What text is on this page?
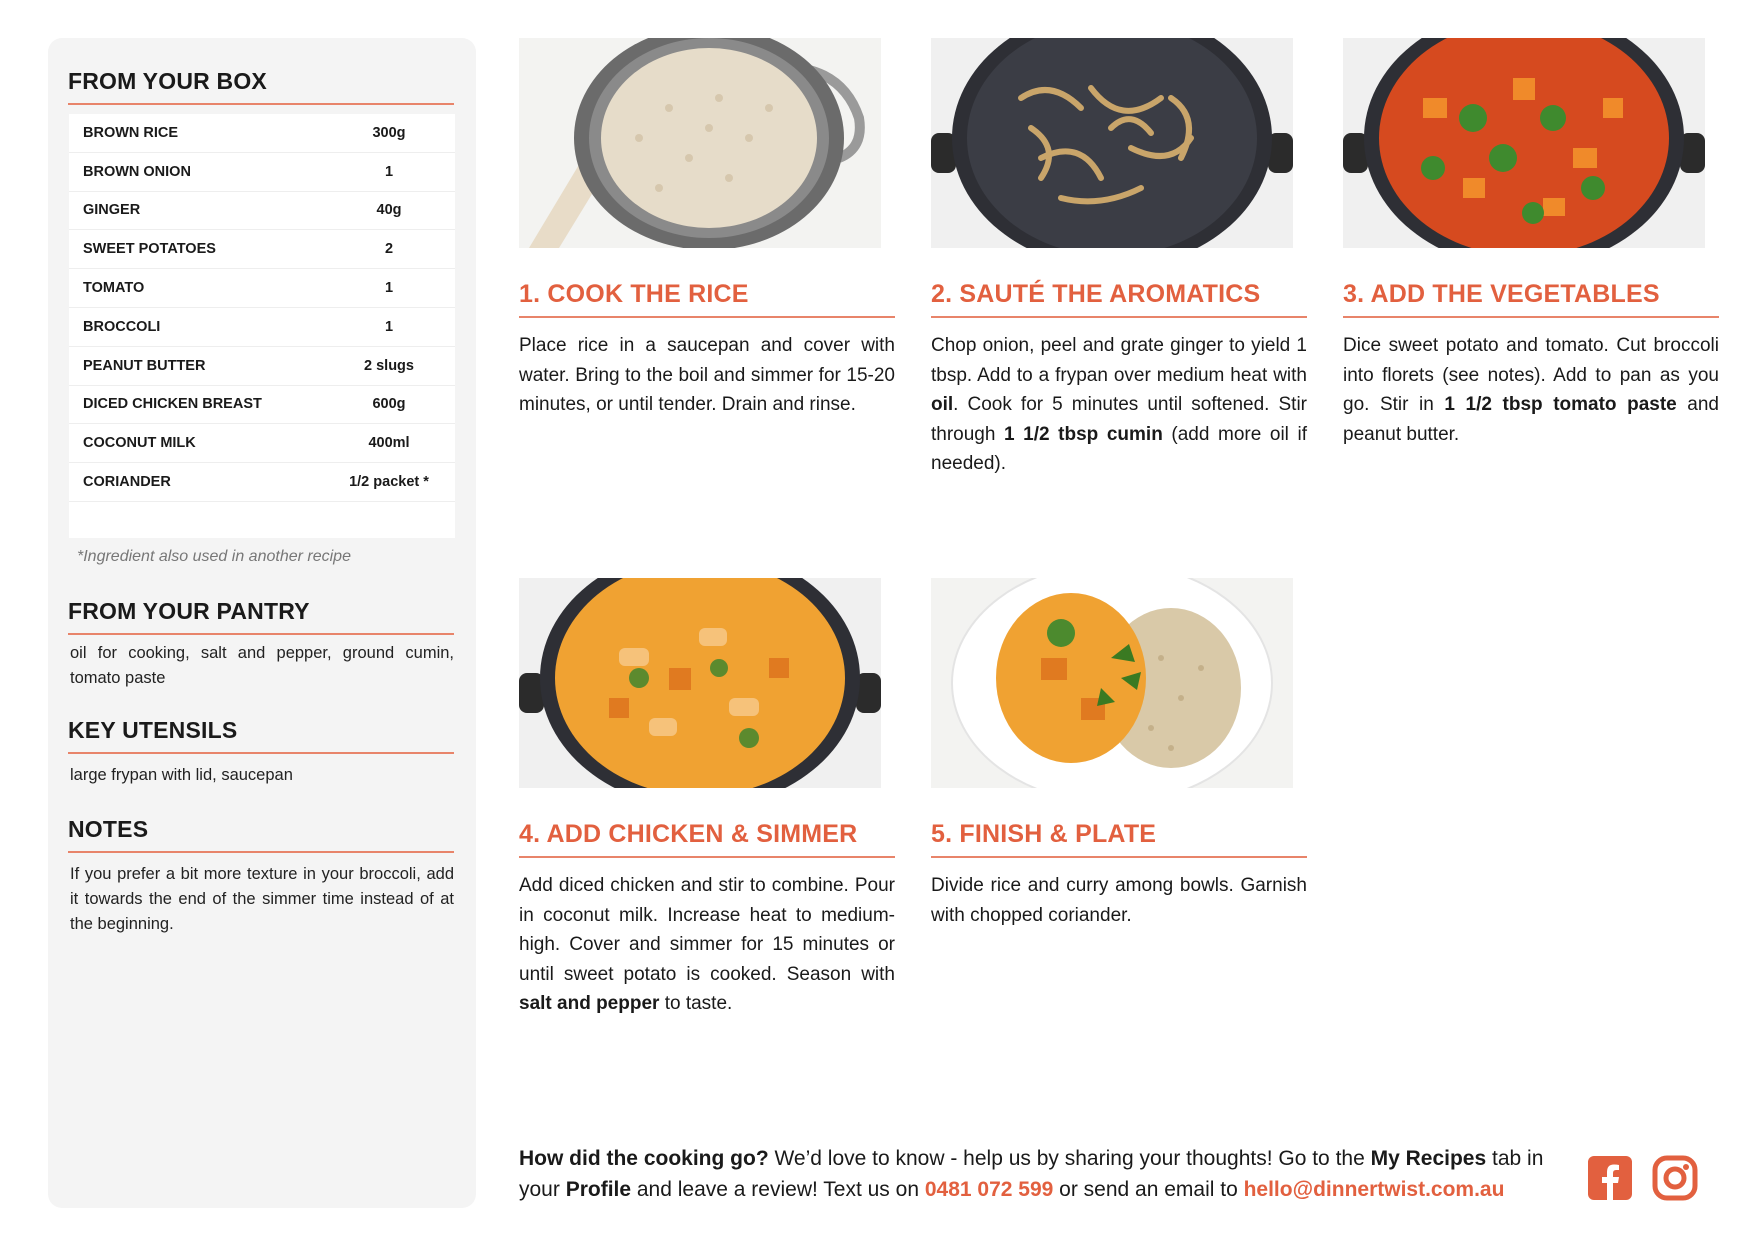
FROM YOUR BOX
BROWN RICE	300g
BROWN ONION	1
GINGER	40g
SWEET POTATOES	2
TOMATO	1
BROCCOLI	1
PEANUT BUTTER	2 slugs
DICED CHICKEN BREAST	600g
COCONUT MILK	400ml
CORIANDER	1/2 packet *
*Ingredient also used in another recipe
FROM YOUR PANTRY
oil for cooking, salt and pepper, ground cumin, tomato paste
KEY UTENSILS
large frypan with lid, saucepan
NOTES
If you prefer a bit more texture in your broccoli, add it towards the end of the simmer time instead of at the beginning.
1. COOK THE RICE
Place rice in a saucepan and cover with water. Bring to the boil and simmer for 15-20 minutes, or until tender. Drain and rinse.
2. SAUTÉ THE AROMATICS
Chop onion, peel and grate ginger to yield 1 tbsp. Add to a frypan over medium heat with oil. Cook for 5 minutes until softened. Stir through 1 1/2 tbsp cumin (add more oil if needed).
3. ADD THE VEGETABLES
Dice sweet potato and tomato. Cut broccoli into florets (see notes). Add to pan as you go. Stir in 1 1/2 tbsp tomato paste and peanut butter.
4. ADD CHICKEN & SIMMER
Add diced chicken and stir to combine. Pour in coconut milk. Increase heat to medium-high. Cover and simmer for 15 minutes or until sweet potato is cooked. Season with salt and pepper to taste.
5. FINISH & PLATE
Divide rice and curry among bowls. Garnish with chopped coriander.
How did the cooking go? We’d love to know - help us by sharing your thoughts! Go to the My Recipes tab in your Profile and leave a review! Text us on 0481 072 599 or send an email to hello@dinnertwist.com.au
